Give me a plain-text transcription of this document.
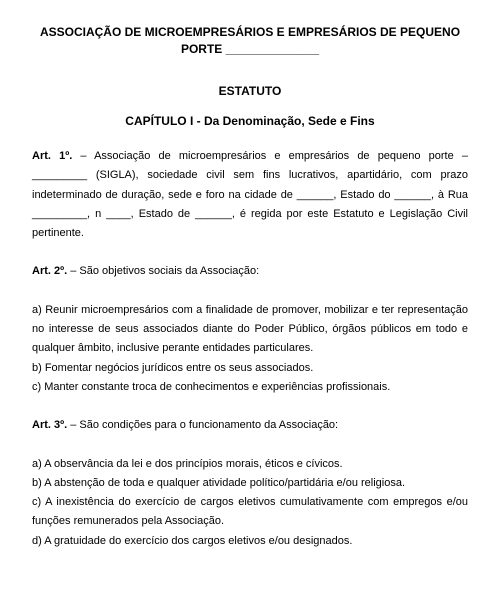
ASSOCIAÇÃO DE MICROEMPRESÁRIOS E EMPRESÁRIOS DE PEQUENO

PORTE ______________

ESTATUTO

CAPÍTULO I - Da Denominação, Sede e Fins

Art. 1º. – Associação de microempresários e empresários de pequeno porte – _________ (SIGLA), sociedade civil sem fins lucrativos, apartidário, com prazo indeterminado de duração, sede e foro na cidade de ______, Estado do ______, à Rua _________, n ____, Estado de ______, é regida por este Estatuto e Legislação Civil pertinente.

Art. 2º. – São objetivos sociais da Associação:

a) Reunir microempresários com a finalidade de promover, mobilizar e ter representação no interesse de seus associados diante do Poder Público, órgãos públicos em todo e qualquer âmbito, inclusive perante entidades particulares.

b) Fomentar negócios jurídicos entre os seus associados.

c) Manter constante troca de conhecimentos e experiências profissionais.

Art. 3º. – São condições para o funcionamento da Associação:

a) A observância da lei e dos princípios morais, éticos e cívicos.

b) A abstenção de toda e qualquer atividade político/partidária e/ou religiosa.

c) A inexistência do exercício de cargos eletivos cumulativamente com empregos e/ou funções remunerados pela Associação.

d) A gratuidade do exercício dos cargos eletivos e/ou designados.
